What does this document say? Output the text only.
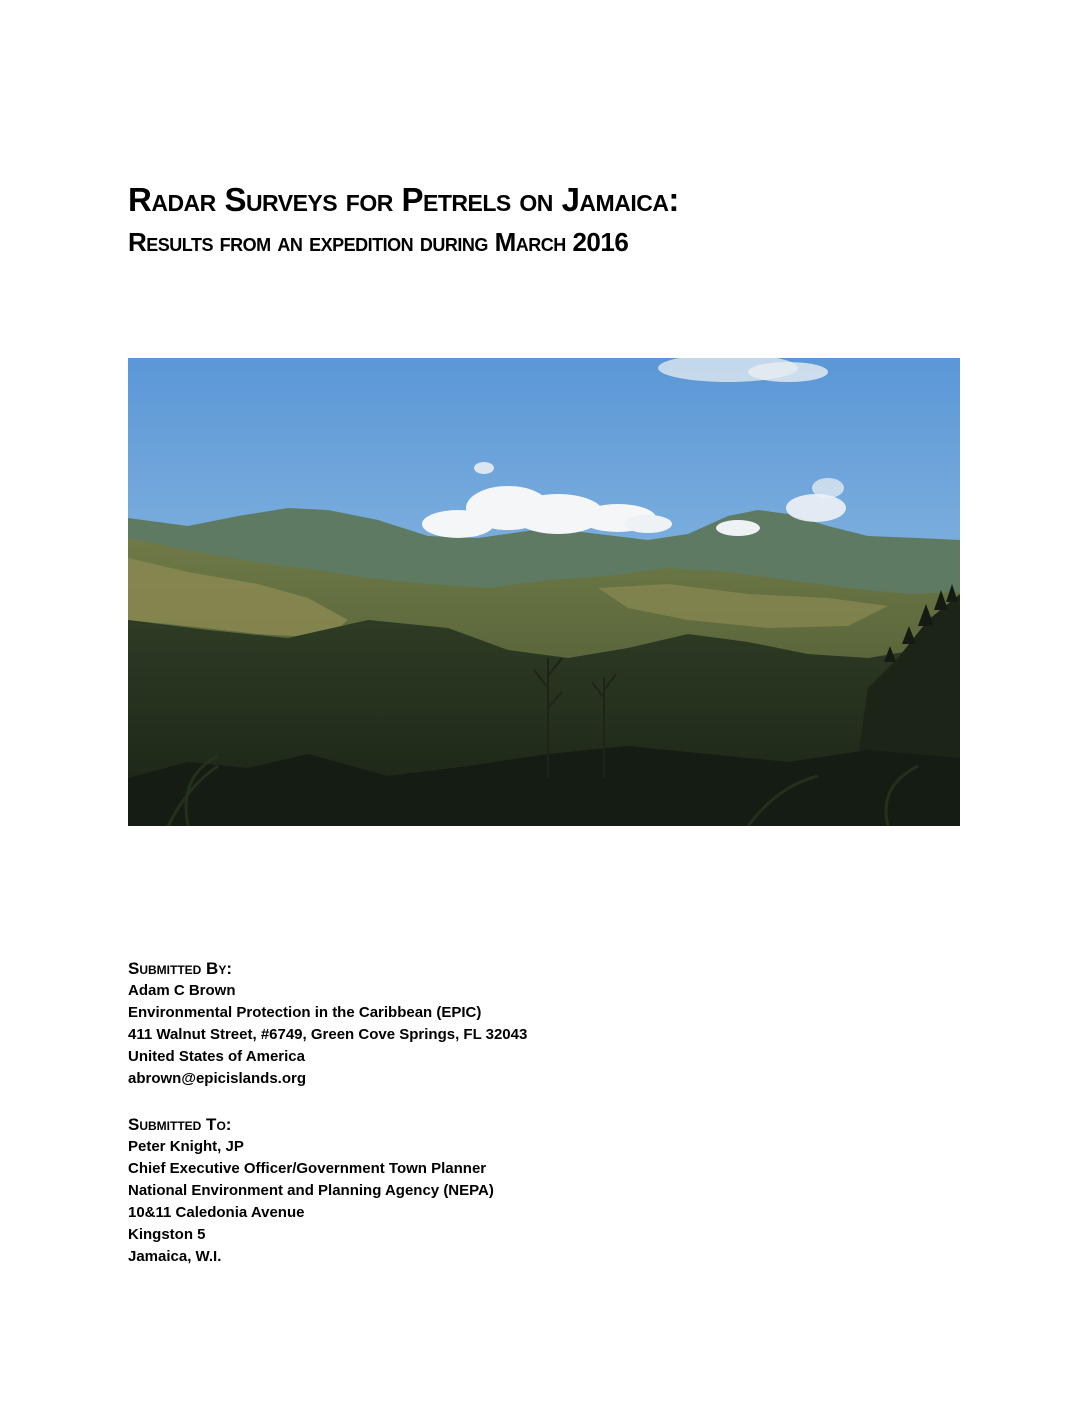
Radar Surveys for Petrels on Jamaica:
Results from an expedition during March 2016
Submitted By:
Adam C Brown
Environmental Protection in the Caribbean (EPIC)
411 Walnut Street, #6749, Green Cove Springs, FL 32043
United States of America
abrown@epicislands.org
Submitted To:
Peter Knight, JP
Chief Executive Officer/Government Town Planner
National Environment and Planning Agency (NEPA)
10&11 Caledonia Avenue
Kingston 5
Jamaica, W.I.
